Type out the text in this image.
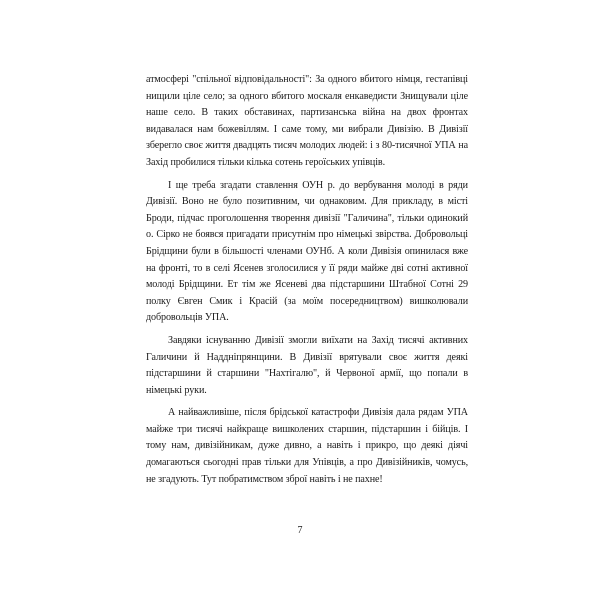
атмосфері "спільної відповідальності": За одного вбитого німця, гестапівці нищили ціле село; за одного вбитого москаля енкаведисти Знищували ціле наше село. В таких обставинах, партизанська війна на двох фронтах видавалася нам божевіллям. І саме тому, ми вибрали Дивізію. В Дивізії зберегло своє життя двадцять тисяч молодих людей: і з 80-тисячної УПА на Захід пробилися тільки кілька сотень героїських упівців.

І ще треба згадати ставлення ОУН р. до вербування молоді в ряди Дивізії. Воно не було позитивним, чи однаковим. Для прикладу, в місті Броди, підчас проголошення творення дивізії "Галичина", тільки одинокий о. Сірко не боявся пригадати присутнім про німецькі звірства. Добровольці Брідщини були в більшості членами ОУНб. А коли Дивізія опинилася вже на фронті, то в селі Ясенев зголосилися у її ряди майже дві сотні активної молоді Брідщини. Ет тім же Ясеневі два підстаршини Штабної Сотні 29 полку Євген Смик і Красій (за моїм посередництвом) вишколювали добровольців УПА.

Завдяки існуванню Дивізії змогли виїхати на Захід тисячі активних Галичини й Наддніпрянщини. В Дивізії врятували своє життя деякі підстаршини й старшини "Нахтігалю", й Червоної армії, що попали в німецькі руки.

А найважливіше, після брідської катастрофи Дивізія дала рядам УПА майже три тисячі найкраще вишколених старшин, підстаршин і бійців. І тому нам, дивізійникам, дуже дивно, а навіть і прикро, що деякі діячі домагаються сьогодні прав тільки для Упівців, а про Дивізійників, чомусь, не згадують. Тут побратимством зброї навіть і не пахне!

7
